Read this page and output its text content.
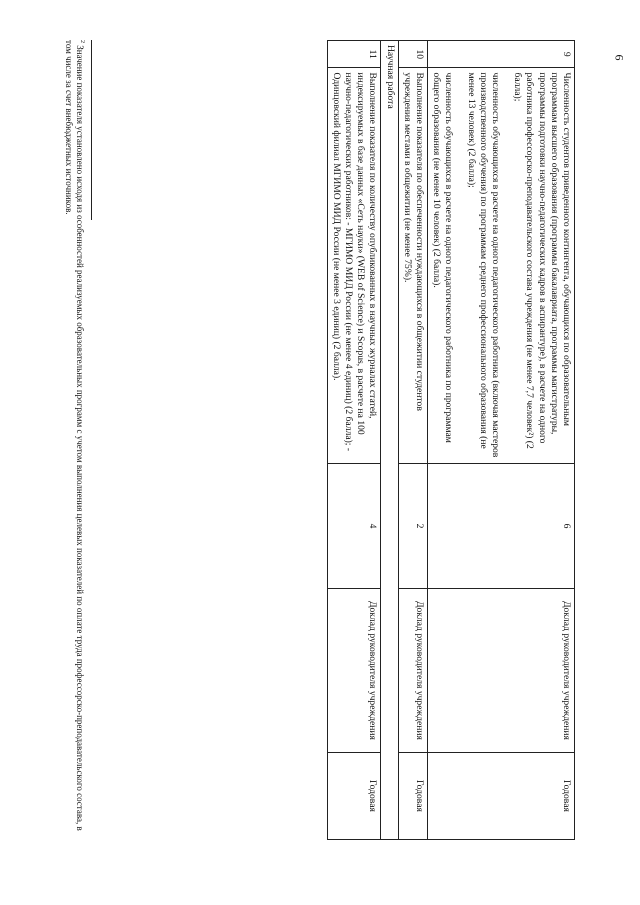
6
9	Численность студентов приведенного контингента, обучающихся по образовательным программам высшего образования (программы бакалавриата, программы магистратуры, программы подготовки научно-педагогических кадров в аспирантуре), в расчете на одного работника профессорско-преподавательского состава учреждения (не менее 7,7 человек²) (2 балла);

численность обучающихся в расчете на одного педагогического работника (включая мастеров производственного обучения) по программам среднего профессионального образования (не менее 13 человек) (2 балла);

численность обучающихся в расчете на одного педагогического работника по программам общего образования (не менее 10 человек) (2 балла).	6	Доклад руководителя учреждения	Годовая
10	Выполнение показателя по обеспеченности нуждающихся в общежитии студентов учреждения местами в общежитии (не менее 75%).	2	Доклад руководителя учреждения	Годовая
Научная работа				
11	Выполнение показателя по количеству опубликованных в научных журналах статей, индексируемых в базе данных «Сеть науки» (WEB of Science) и Scopus, в расчете на 100 научно-педагогических работников: - МГИМО МИД России (не менее 4 единиц) (2 балла); - Одинцовский филиал МГИМО МИД России (не менее 3 единиц) (2 балла).	4	Доклад руководителя учреждения	Годовая
$^2$ Значение показателя установлено исходя из особенностей реализуемых образовательных программ с учетом выполнения целевых показателей по оплате труда профессорско-преподавательского состава, в том числе за счет внебюджетных источников.
